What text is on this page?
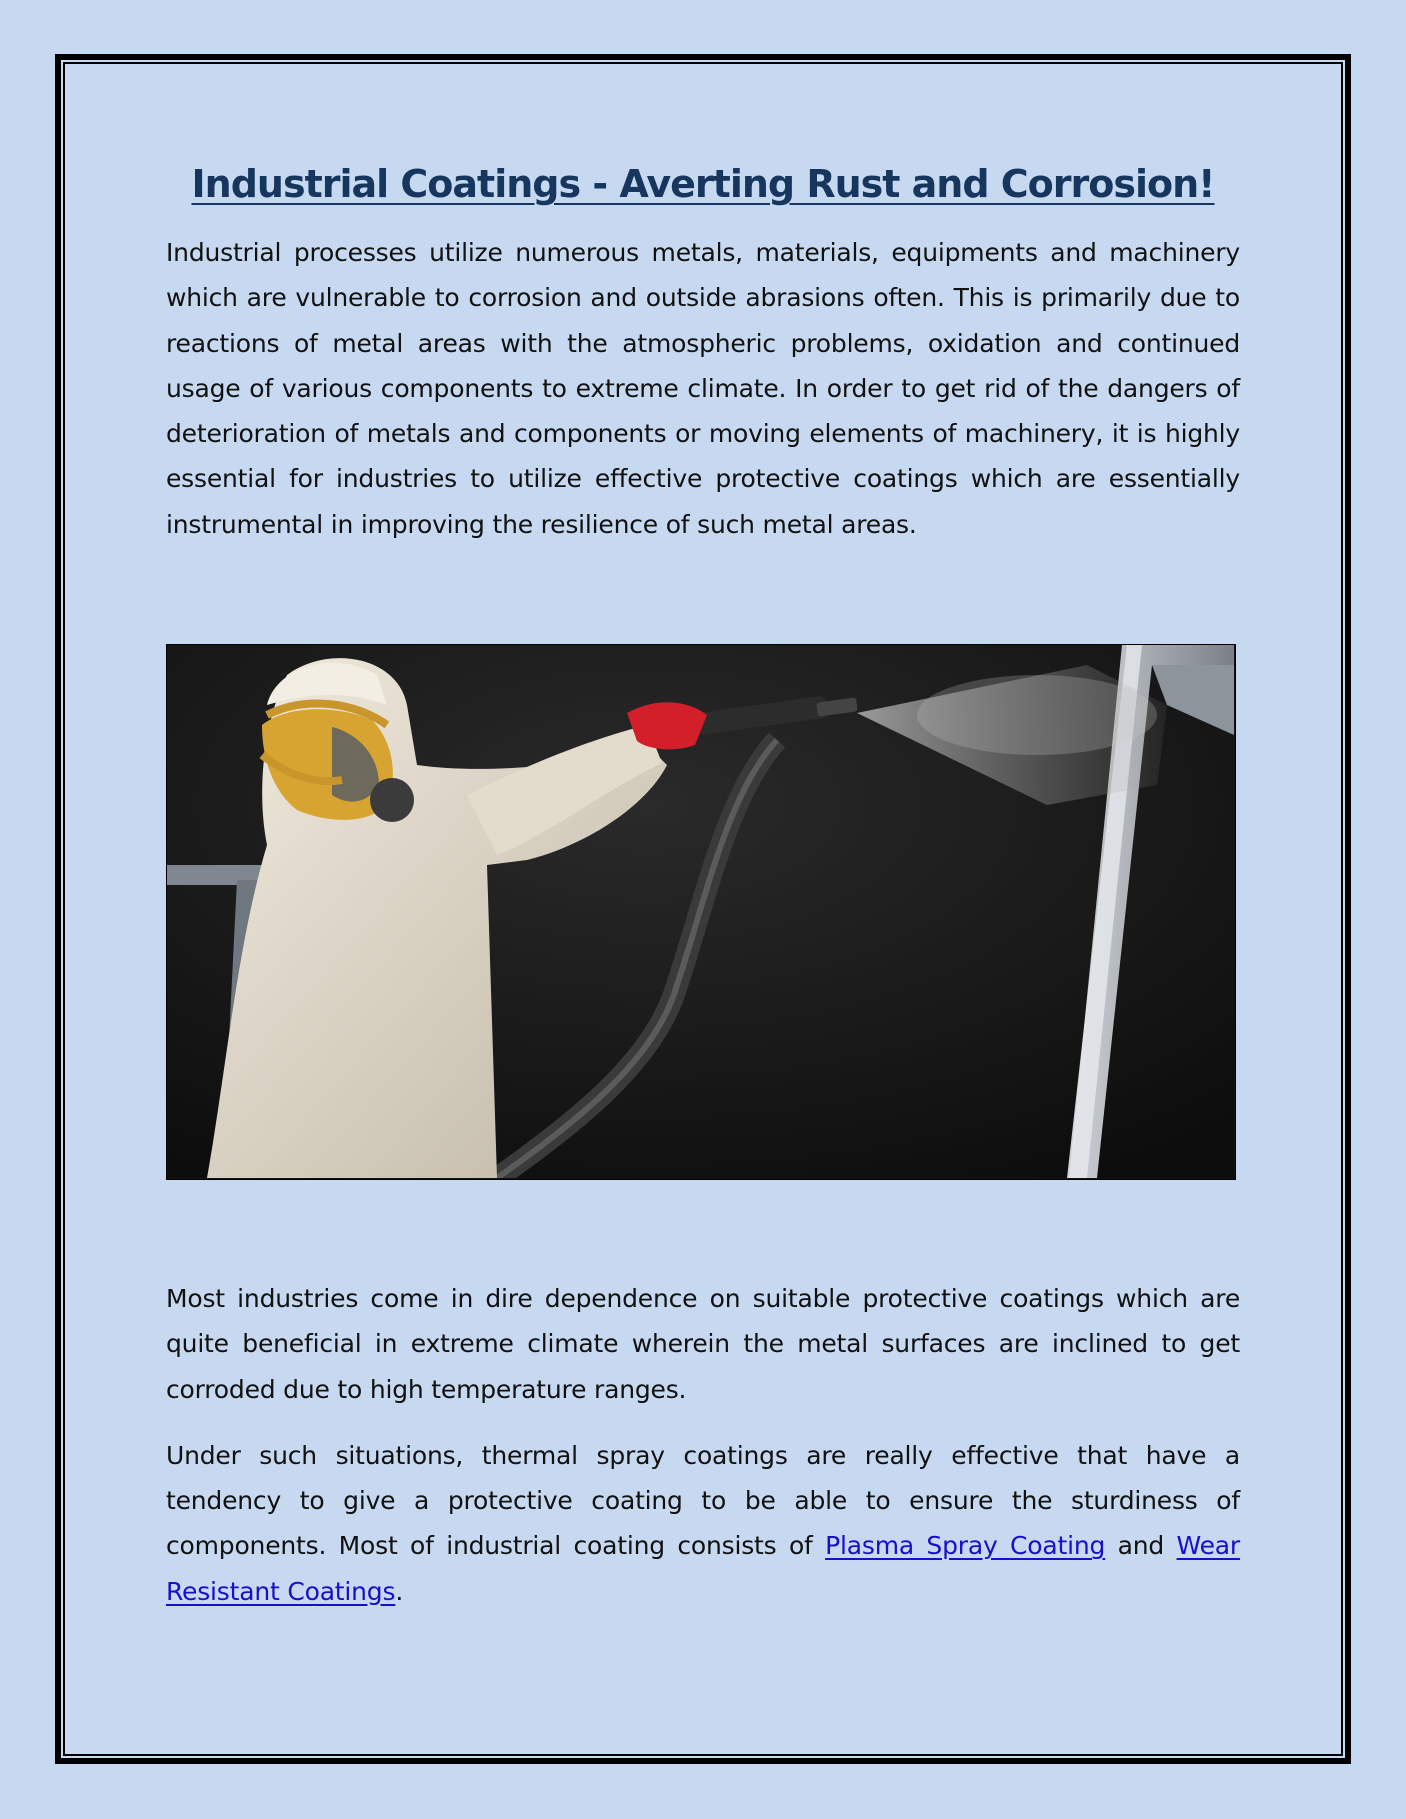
Industrial Coatings - Averting Rust and Corrosion!

Industrial processes utilize numerous metals, materials, equipments and machinery which are vulnerable to corrosion and outside abrasions often. This is primarily due to reactions of metal areas with the atmospheric problems, oxidation and continued usage of various components to extreme climate. In order to get rid of the dangers of deterioration of metals and components or moving elements of machinery, it is highly essential for industries to utilize effective protective coatings which are essentially instrumental in improving the resilience of such metal areas.

Most industries come in dire dependence on suitable protective coatings which are quite beneficial in extreme climate wherein the metal surfaces are inclined to get corroded due to high temperature ranges.

Under such situations, thermal spray coatings are really effective that have a tendency to give a protective coating to be able to ensure the sturdiness of components. Most of industrial coating consists of Plasma Spray Coating and Wear Resistant Coatings.
